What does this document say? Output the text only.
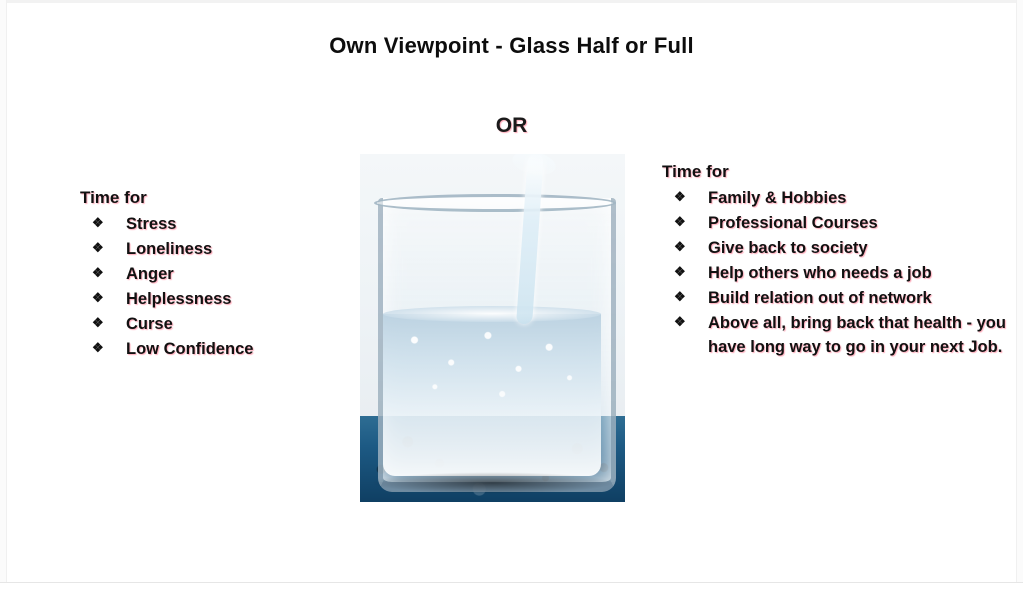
Own Viewpoint - Glass Half or Full
OR
Time for
❖	Stress
❖	Loneliness
❖	Anger
❖	Helplessness
❖	Curse
❖	Low Confidence
Time for
❖	Family & Hobbies
❖	Professional Courses
❖	Give back to society
❖	Help others who needs a job
❖	Build relation out of network
❖	Above all, bring back that health - you have long way to go in your next Job.
